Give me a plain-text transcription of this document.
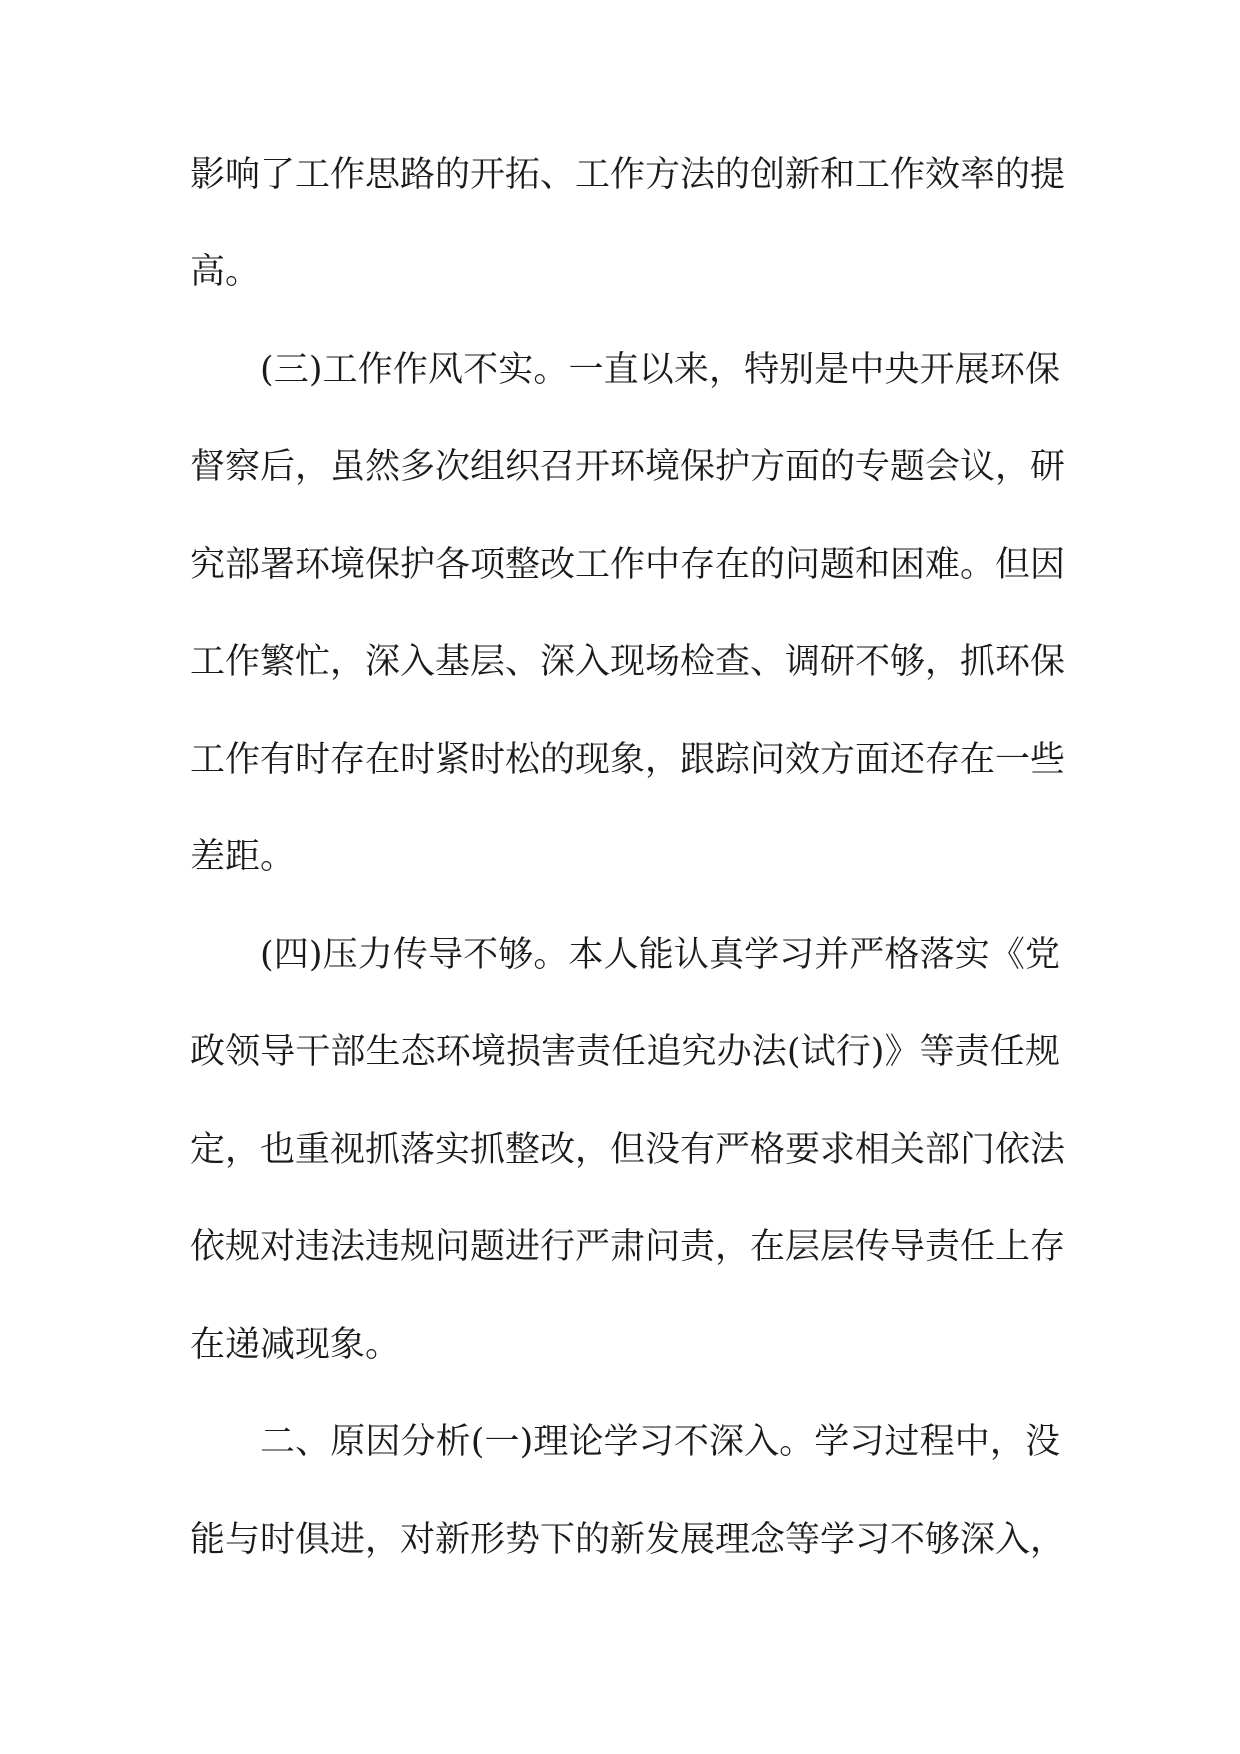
影响了工作思路的开拓、工作方法的创新和工作效率的提
高。
(三)工作作风不实。一直以来，特别是中央开展环保
督察后，虽然多次组织召开环境保护方面的专题会议，研
究部署环境保护各项整改工作中存在的问题和困难。但因
工作繁忙，深入基层、深入现场检查、调研不够，抓环保
工作有时存在时紧时松的现象，跟踪问效方面还存在一些
差距。
(四)压力传导不够。本人能认真学习并严格落实《党
政领导干部生态环境损害责任追究办法(试行)》等责任规
定，也重视抓落实抓整改，但没有严格要求相关部门依法
依规对违法违规问题进行严肃问责，在层层传导责任上存
在递减现象。
二、原因分析(一)理论学习不深入。学习过程中，没
能与时俱进，对新形势下的新发展理念等学习不够深入，
